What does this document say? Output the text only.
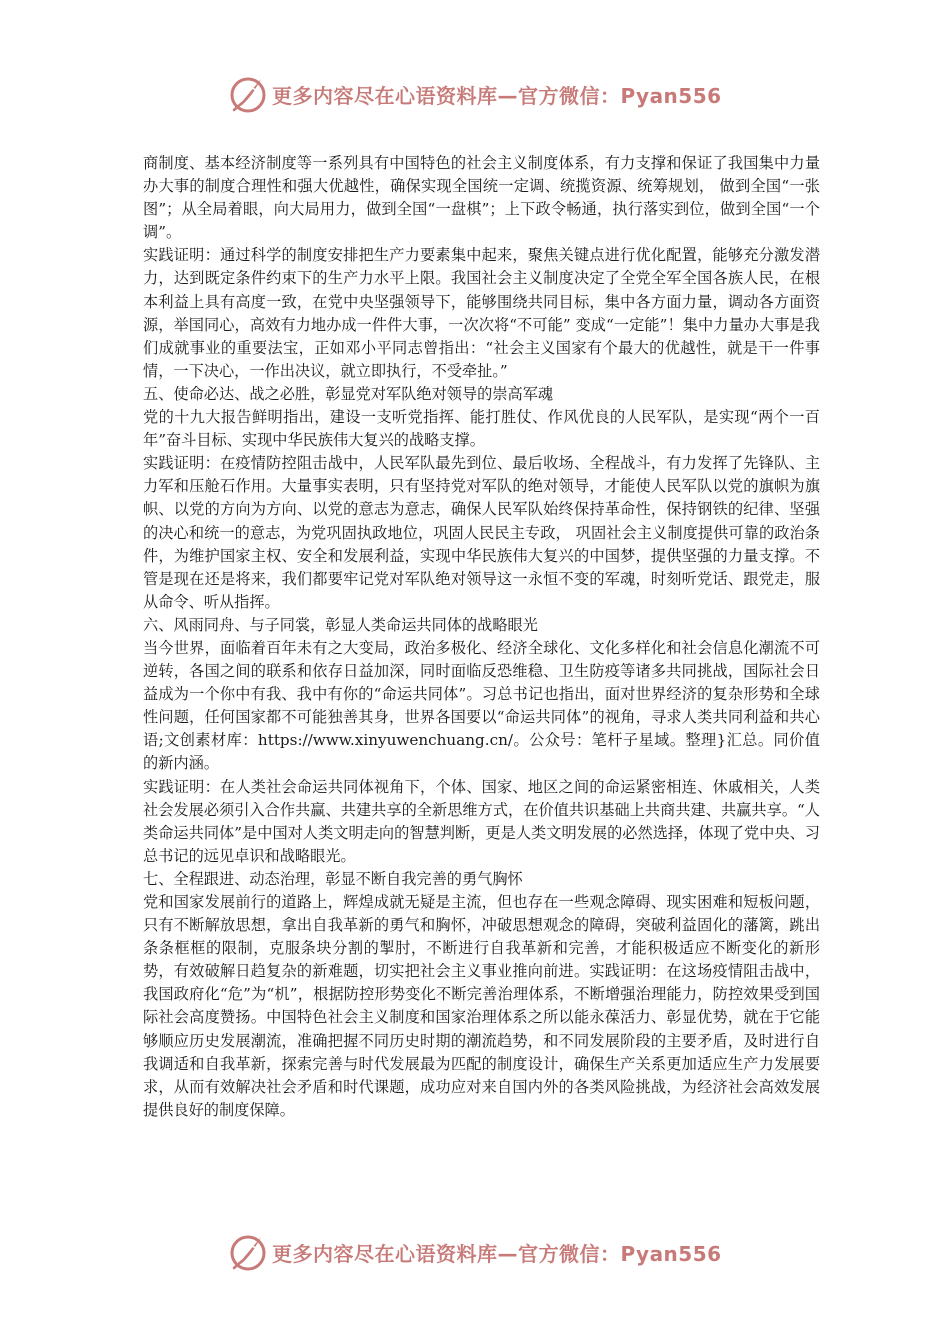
更多内容尽在心语资料库—官方微信：Pyan556

商制度、基本经济制度等一系列具有中国特色的社会主义制度体系，有力支撑和保证了我国集中力量办大事的制度合理性和强大优越性，确保实现全国统一定调、统揽资源、统筹规划， 做到全国“一张图”；从全局着眼，向大局用力，做到全国“一盘棋”；上下政令畅通，执行落实到位，做到全国“一个调”。

实践证明：通过科学的制度安排把生产力要素集中起来，聚焦关键点进行优化配置，能够充分激发潜力，达到既定条件约束下的生产力水平上限。我国社会主义制度决定了全党全军全国各族人民，在根本利益上具有高度一致，在党中央坚强领导下，能够围绕共同目标，集中各方面力量，调动各方面资源，举国同心，高效有力地办成一件件大事，一次次将“不可能” 变成“一定能”！集中力量办大事是我们成就事业的重要法宝，正如邓小平同志曾指出：“社会主义国家有个最大的优越性，就是干一件事情，一下决心，一作出决议，就立即执行，不受牵扯。”

五、使命必达、战之必胜，彰显党对军队绝对领导的崇高军魂

党的十九大报告鲜明指出，建设一支听党指挥、能打胜仗、作风优良的人民军队，是实现“两个一百年”奋斗目标、实现中华民族伟大复兴的战略支撑。

实践证明：在疫情防控阻击战中，人民军队最先到位、最后收场、全程战斗，有力发挥了先锋队、主力军和压舱石作用。大量事实表明，只有坚持党对军队的绝对领导，才能使人民军队以党的旗帜为旗帜、以党的方向为方向、以党的意志为意志，确保人民军队始终保持革命性，保持钢铁的纪律、坚强的决心和统一的意志，为党巩固执政地位，巩固人民民主专政， 巩固社会主义制度提供可靠的政治条件，为维护国家主权、安全和发展利益，实现中华民族伟大复兴的中国梦，提供坚强的力量支撑。不管是现在还是将来，我们都要牢记党对军队绝对领导这一永恒不变的军魂，时刻听党话、跟党走，服从命令、听从指挥。

六、风雨同舟、与子同裳，彰显人类命运共同体的战略眼光

当今世界，面临着百年未有之大变局，政治多极化、经济全球化、文化多样化和社会信息化潮流不可逆转，各国之间的联系和依存日益加深，同时面临反恐维稳、卫生防疫等诸多共同挑战，国际社会日益成为一个你中有我、我中有你的“命运共同体”。习总书记也指出，面对世界经济的复杂形势和全球性问题，任何国家都不可能独善其身，世界各国要以“命运共同体”的视角，寻求人类共同利益和共心语;文创素材库：https://www.xinyuwenchuang.cn/。公众号：笔杆子星域。整理}汇总。同价值的新内涵。

实践证明：在人类社会命运共同体视角下，个体、国家、地区之间的命运紧密相连、休戚相关，人类社会发展必须引入合作共赢、共建共享的全新思维方式，在价值共识基础上共商共建、共赢共享。“人类命运共同体”是中国对人类文明走向的智慧判断，更是人类文明发展的必然选择，体现了党中央、习总书记的远见卓识和战略眼光。

七、全程跟进、动态治理，彰显不断自我完善的勇气胸怀

党和国家发展前行的道路上，辉煌成就无疑是主流，但也存在一些观念障碍、现实困难和短板问题，只有不断解放思想，拿出自我革新的勇气和胸怀，冲破思想观念的障碍，突破利益固化的藩篱，跳出条条框框的限制，克服条块分割的掣肘，不断进行自我革新和完善，才能积极适应不断变化的新形势，有效破解日趋复杂的新难题，切实把社会主义事业推向前进。实践证明：在这场疫情阻击战中，我国政府化“危”为“机”，根据防控形势变化不断完善治理体系，不断增强治理能力，防控效果受到国际社会高度赞扬。中国特色社会主义制度和国家治理体系之所以能永葆活力、彰显优势，就在于它能够顺应历史发展潮流，准确把握不同历史时期的潮流趋势，和不同发展阶段的主要矛盾，及时进行自我调适和自我革新，探索完善与时代发展最为匹配的制度设计，确保生产关系更加适应生产力发展要求，从而有效解决社会矛盾和时代课题，成功应对来自国内外的各类风险挑战，为经济社会高效发展提供良好的制度保障。

更多内容尽在心语资料库—官方微信：Pyan556
